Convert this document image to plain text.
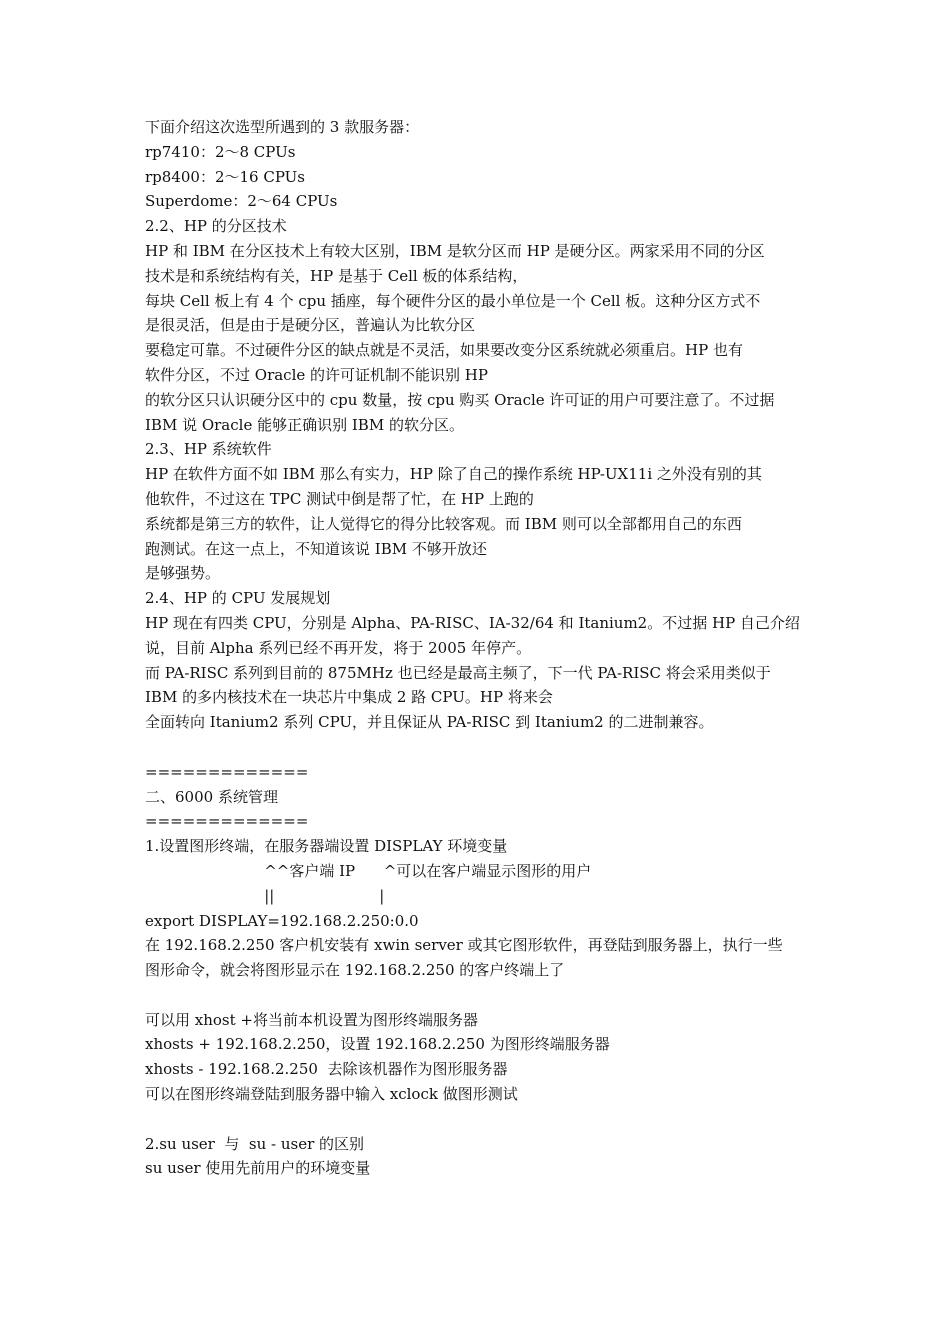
下面介绍这次选型所遇到的 3 款服务器：
rp7410：2～8 CPUs
rp8400：2～16 CPUs
Superdome：2～64 CPUs
2.2、HP 的分区技术
HP 和 IBM 在分区技术上有较大区别，IBM 是软分区而 HP 是硬分区。两家采用不同的分区
技术是和系统结构有关，HP 是基于 Cell 板的体系结构，
每块 Cell 板上有 4 个 cpu 插座，每个硬件分区的最小单位是一个 Cell 板。这种分区方式不
是很灵活，但是由于是硬分区，普遍认为比软分区
要稳定可靠。不过硬件分区的缺点就是不灵活，如果要改变分区系统就必须重启。HP 也有
软件分区，不过 Oracle 的许可证机制不能识别 HP
的软分区只认识硬分区中的 cpu 数量，按 cpu 购买 Oracle 许可证的用户可要注意了。不过据
IBM 说 Oracle 能够正确识别 IBM 的软分区。
2.3、HP 系统软件
HP 在软件方面不如 IBM 那么有实力，HP 除了自己的操作系统 HP-UX11i 之外没有别的其
他软件，不过这在 TPC 测试中倒是帮了忙，在 HP 上跑的
系统都是第三方的软件，让人觉得它的得分比较客观。而 IBM 则可以全部都用自己的东西
跑测试。在这一点上，不知道该说 IBM 不够开放还
是够强势。
2.4、HP 的 CPU 发展规划
HP 现在有四类 CPU，分别是 Alpha、PA-RISC、IA-32/64 和 Itanium2。不过据 HP 自己介绍
说，目前 Alpha 系列已经不再开发，将于 2005 年停产。
而 PA-RISC 系列到目前的 875MHz 也已经是最高主频了，下一代 PA-RISC 将会采用类似于
IBM 的多内核技术在一块芯片中集成 2 路 CPU。HP 将来会
全面转向 Itanium2 系列 CPU，并且保证从 PA-RISC 到 Itanium2 的二进制兼容。
=============
二、6000 系统管理
=============
1.设置图形终端，在服务器端设置 DISPLAY 环境变量
^^客户端 IP      ^可以在客户端显示图形的用户
||                      |
export DISPLAY=192.168.2.250:0.0
在 192.168.2.250 客户机安装有 xwin server 或其它图形软件，再登陆到服务器上，执行一些
图形命令，就会将图形显示在 192.168.2.250 的客户终端上了
可以用 xhost +将当前本机设置为图形终端服务器
xhosts + 192.168.2.250，设置 192.168.2.250 为图形终端服务器
xhosts - 192.168.2.250  去除该机器作为图形服务器
可以在图形终端登陆到服务器中输入 xclock 做图形测试
2.su user  与  su - user 的区别
su user 使用先前用户的环境变量
